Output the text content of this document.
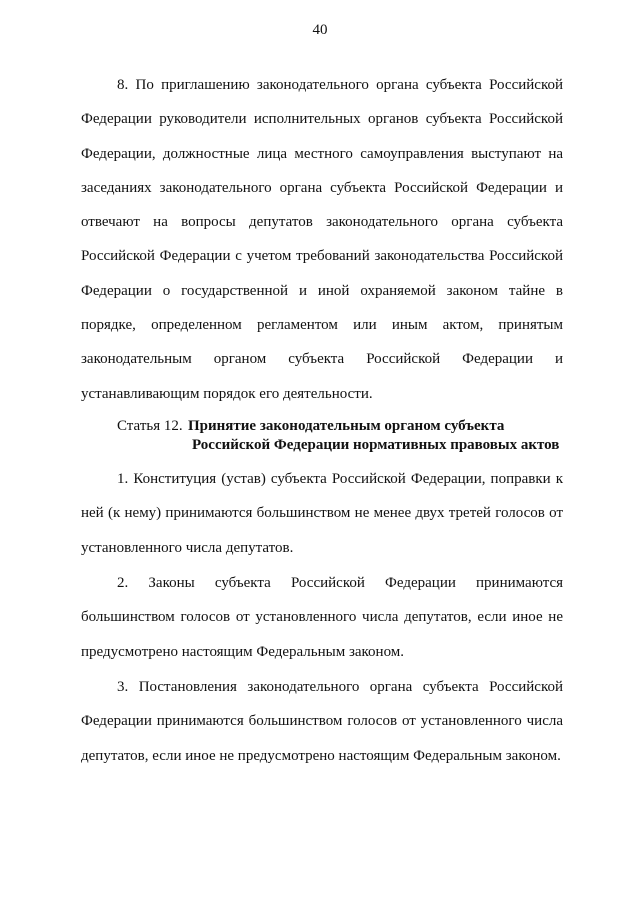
40

8. По приглашению законодательного органа субъекта Российской Федерации руководители исполнительных органов субъекта Российской Федерации, должностные лица местного самоуправления выступают на заседаниях законодательного органа субъекта Российской Федерации и отвечают на вопросы депутатов законодательного органа субъекта Российской Федерации с учетом требований законодательства Российской Федерации о государственной и иной охраняемой законом тайне в порядке, определенном регламентом или иным актом, принятым законодательным органом субъекта Российской Федерации и устанавливающим порядок его деятельности.

Статья 12. Принятие законодательным органом субъекта
Российской Федерации нормативных правовых актов

1. Конституция (устав) субъекта Российской Федерации, поправки к ней (к нему) принимаются большинством не менее двух третей голосов от установленного числа депутатов.

2. Законы субъекта Российской Федерации принимаются большинством голосов от установленного числа депутатов, если иное не предусмотрено настоящим Федеральным законом.

3. Постановления законодательного органа субъекта Российской Федерации принимаются большинством голосов от установленного числа депутатов, если иное не предусмотрено настоящим Федеральным законом.
